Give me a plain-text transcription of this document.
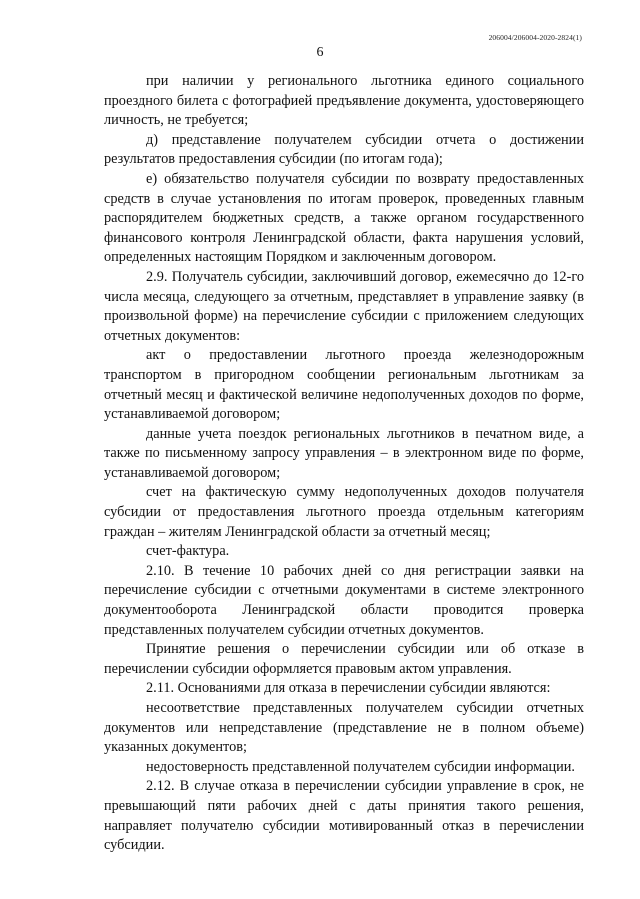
206004/206004-2020-2824(1)
6

при наличии у регионального льготника единого социального проездного билета с фотографией предъявление документа, удостоверяющего личность, не требуется;

д) представление получателем субсидии отчета о достижении результатов предоставления субсидии (по итогам года);

е) обязательство получателя субсидии по возврату предоставленных средств в случае установления по итогам проверок, проведенных главным распорядителем бюджетных средств, а также органом государственного финансового контроля Ленинградской области, факта нарушения условий, определенных настоящим Порядком и заключенным договором.

2.9. Получатель субсидии, заключивший договор, ежемесячно до 12-го числа месяца, следующего за отчетным, представляет в управление заявку (в произвольной форме) на перечисление субсидии с приложением следующих отчетных документов:

акт о предоставлении льготного проезда железнодорожным транспортом в пригородном сообщении региональным льготникам за отчетный месяц и фактической величине недополученных доходов по форме, устанавливаемой договором;

данные учета поездок региональных льготников в печатном виде, а также по письменному запросу управления – в электронном виде по форме, устанавливаемой договором;

счет на фактическую сумму недополученных доходов получателя субсидии от предоставления льготного проезда отдельным категориям граждан – жителям Ленинградской области за отчетный месяц;

счет-фактура.

2.10. В течение 10 рабочих дней со дня регистрации заявки на перечисление субсидии с отчетными документами в системе электронного документооборота Ленинградской области проводится проверка представленных получателем субсидии отчетных документов.

Принятие решения о перечислении субсидии или об отказе в перечислении субсидии оформляется правовым актом управления.

2.11. Основаниями для отказа в перечислении субсидии являются:

несоответствие представленных получателем субсидии отчетных документов или непредставление (представление не в полном объеме) указанных документов;

недостоверность представленной получателем субсидии информации.

2.12. В случае отказа в перечислении субсидии управление в срок, не превышающий пяти рабочих дней с даты принятия такого решения, направляет получателю субсидии мотивированный отказ в перечислении субсидии.
